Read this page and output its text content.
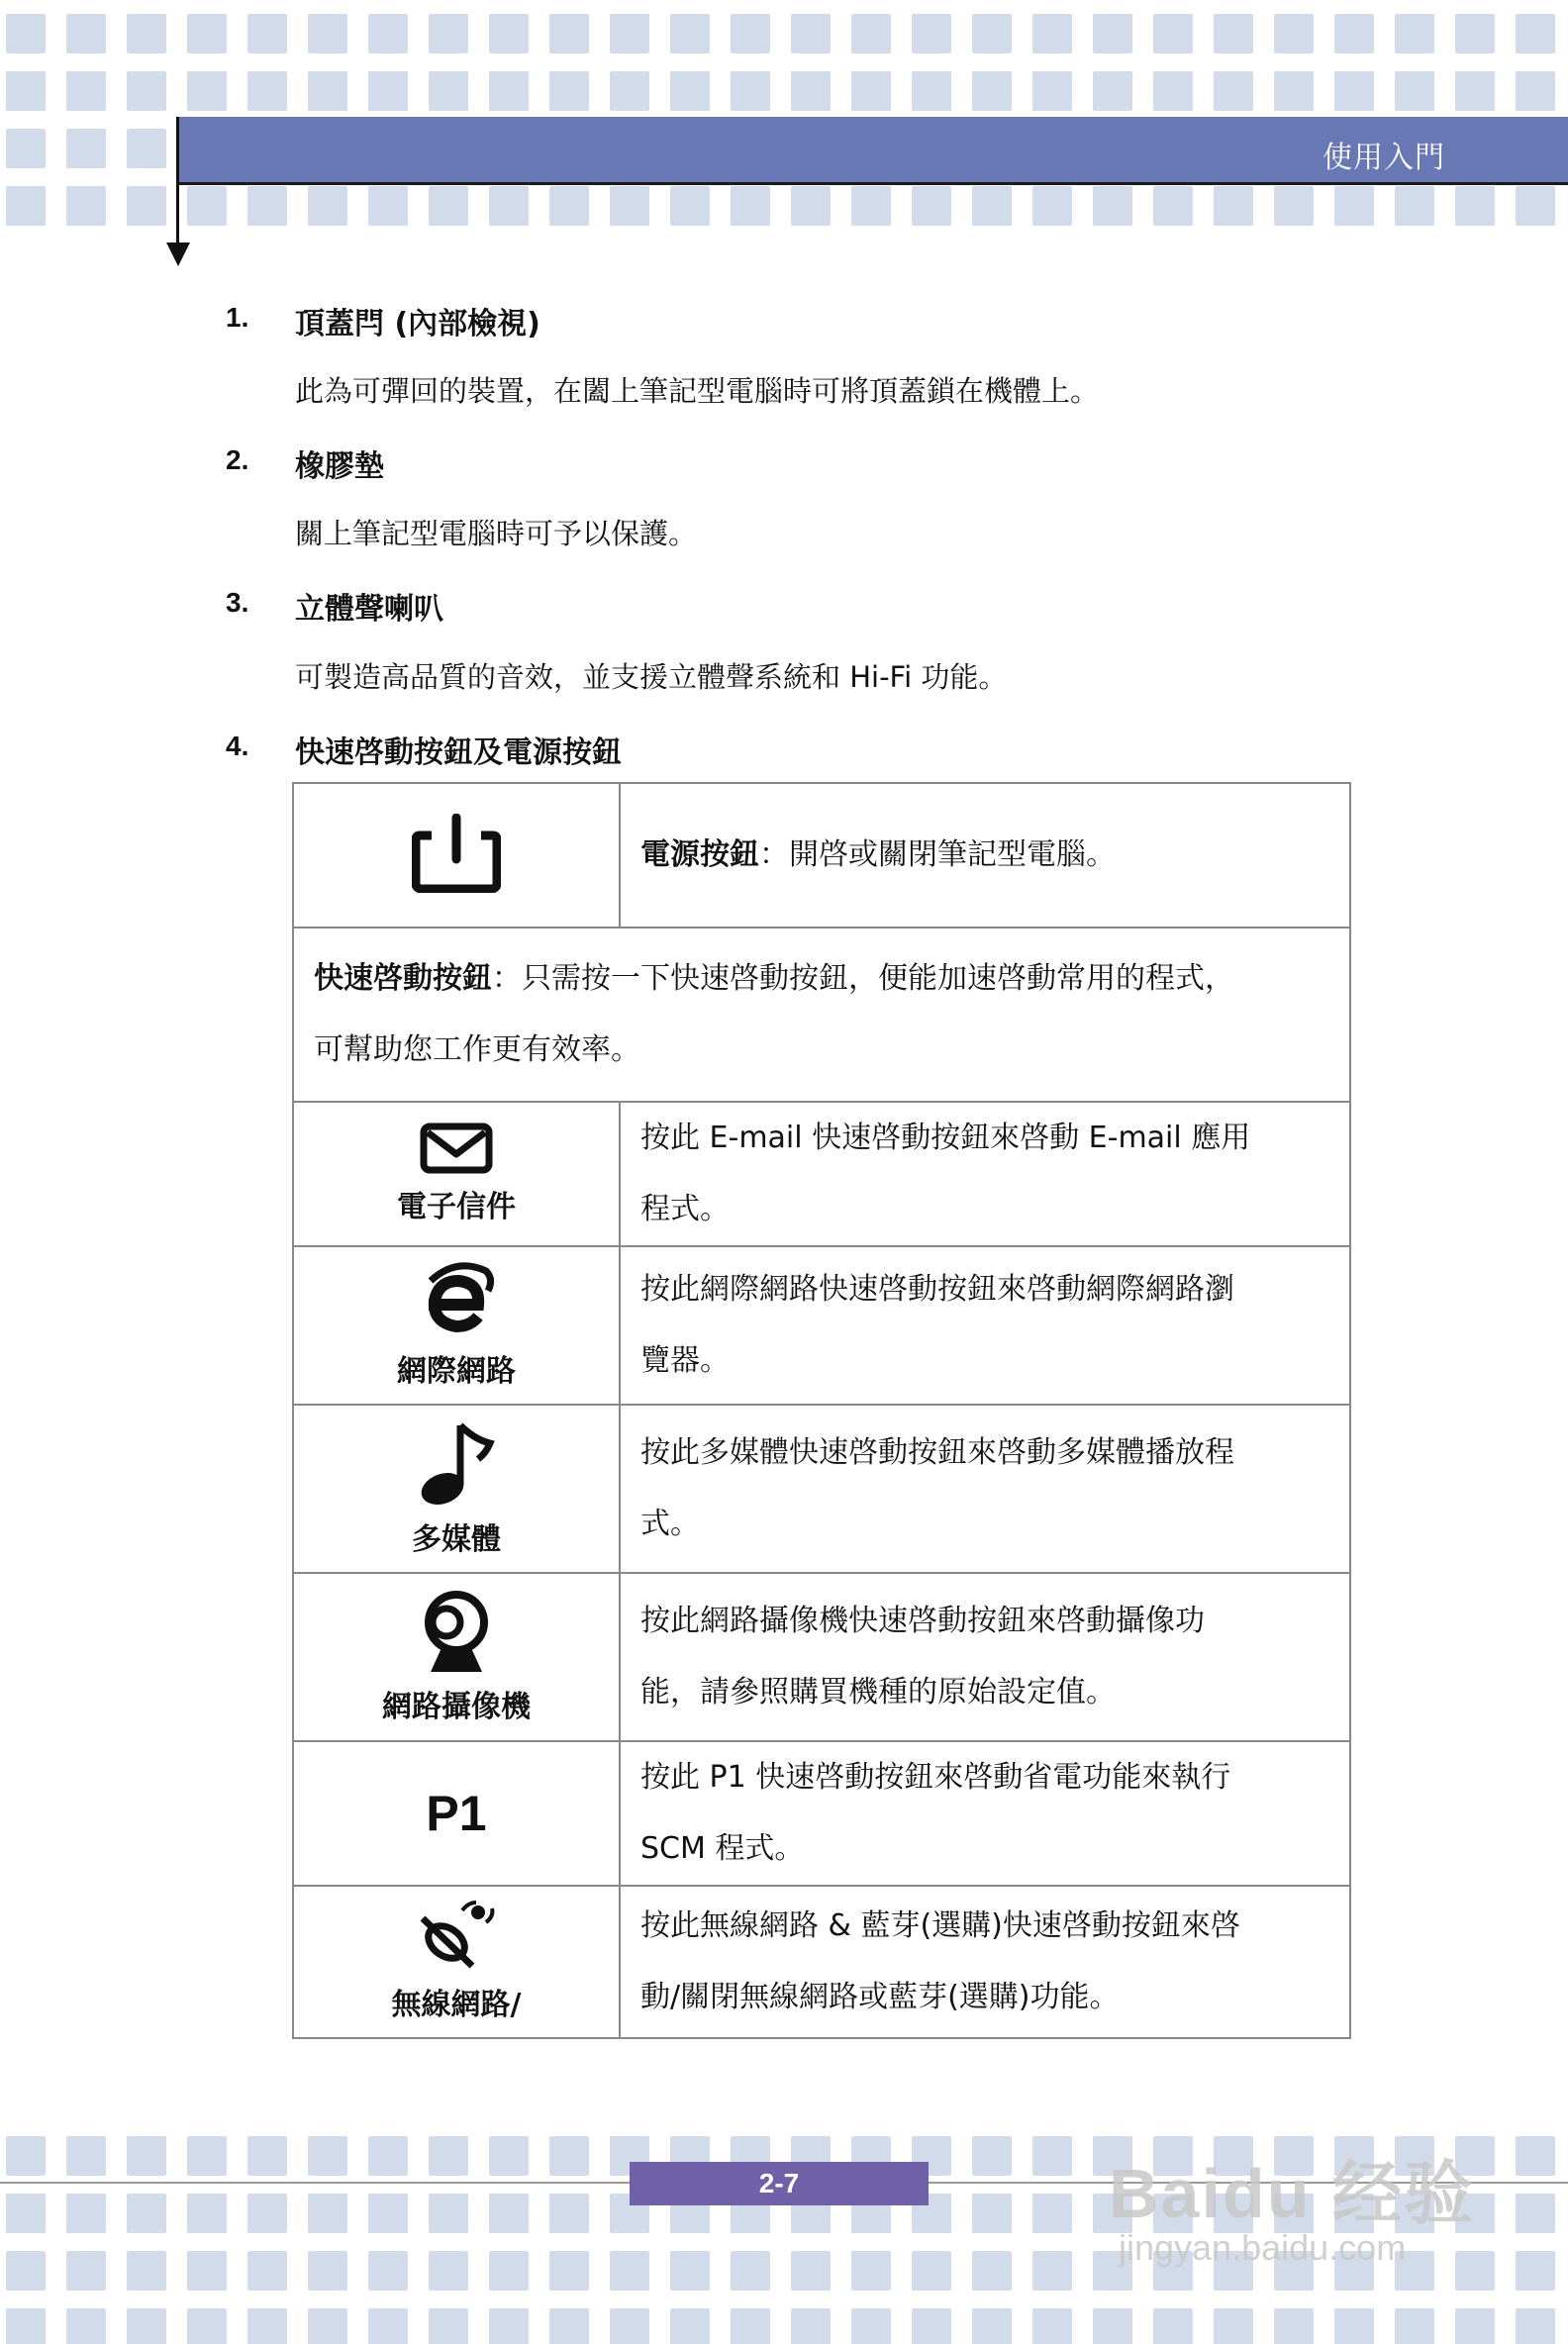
使用入門
1. 頂蓋閂 (內部檢視)
此為可彈回的裝置，在闔上筆記型電腦時可將頂蓋鎖在機體上。
2. 橡膠墊
關上筆記型電腦時可予以保護。
3. 立體聲喇叭
可製造高品質的音效，並支援立體聲系統和 Hi-Fi 功能。
4. 快速啓動按鈕及電源按鈕
	電源按鈕：開啓或關閉筆記型電腦。

快速啓動按鈕：只需按一下快速啓動按鈕，便能加速啓動常用的程式，
可幫助您工作更有效率。	

電子信件	按此 E-mail 快速啓動按鈕來啓動 E-mail 應用
程式。

網際網路	按此網際網路快速啓動按鈕來啓動網際網路瀏
覽器。

多媒體	按此多媒體快速啓動按鈕來啓動多媒體播放程
式。

網路攝像機	按此網路攝像機快速啓動按鈕來啓動攝像功
能，請參照購買機種的原始設定值。

P1	按此 P1 快速啓動按鈕來啓動省電功能來執行
SCM 程式。

無線網路/	按此無線網路 & 藍芽(選購)快速啓動按鈕來啓
動/關閉無線網路或藍芽(選購)功能。
2-7	Baidu 经验
jingyan.baidu.com
